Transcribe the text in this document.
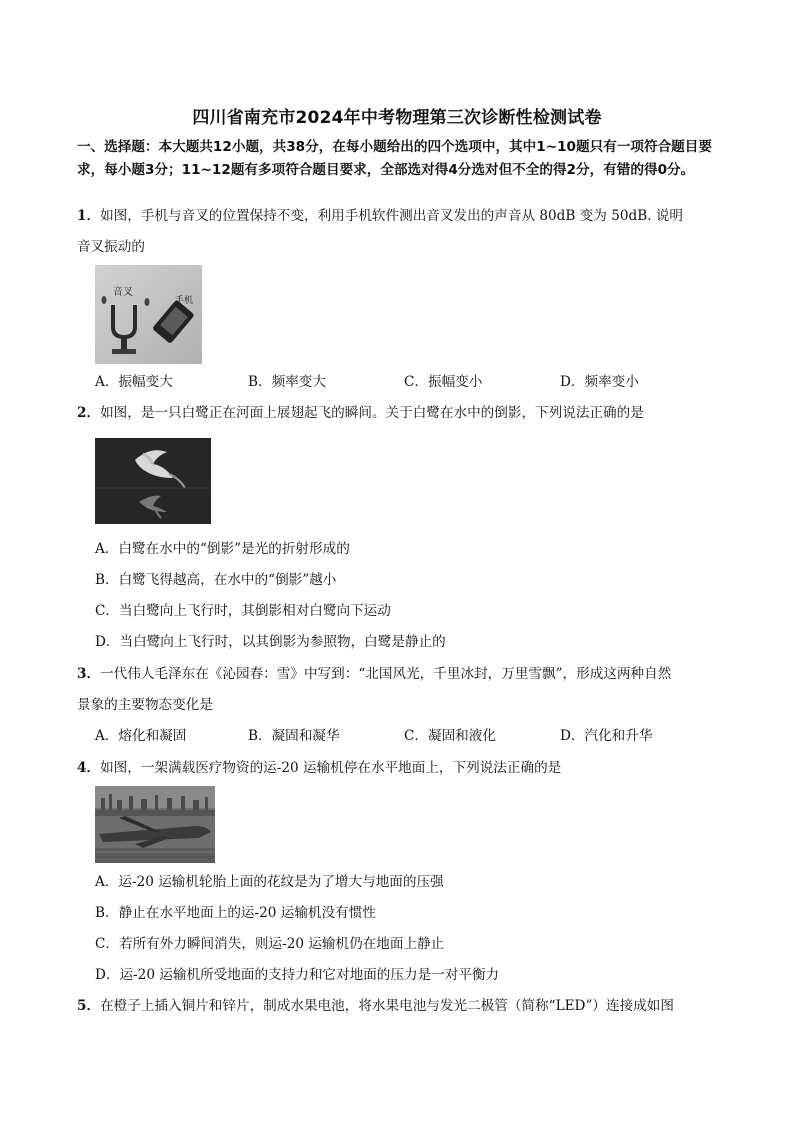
四川省南充市2024年中考物理第三次诊断性检测试卷
一、选择题：本大题共12小题，共38分，在每小题给出的四个选项中，其中1~10题只有一项符合题目要求，每小题3分；11~12题有多项符合题目要求，全部选对得4分选对但不全的得2分，有错的得0分。
1．如图，手机与音叉的位置保持不变，利用手机软件测出音叉发出的声音从 80dB 变为 50dB. 说明
音叉振动的
音叉
手机
A．振幅变大	B．频率变大	C．振幅变小	D．频率变小
2．如图，是一只白鹭正在河面上展翅起飞的瞬间。关于白鹭在水中的倒影，下列说法正确的是
A．白鹭在水中的“倒影”是光的折射形成的
B．白鹭飞得越高，在水中的“倒影”越小
C．当白鹭向上飞行时，其倒影相对白鹭向下运动
D．当白鹭向上飞行时，以其倒影为参照物，白鹭是静止的
3．一代伟人毛泽东在《沁园春：雪》中写到：“北国风光，千里冰封，万里雪飘”，形成这两种自然
景象的主要物态变化是
A．熔化和凝固	B．凝固和凝华	C．凝固和液化	D．汽化和升华
4．如图，一架满载医疗物资的运-20 运输机停在水平地面上，下列说法正确的是
A．运-20 运输机轮胎上面的花纹是为了增大与地面的压强
B．静止在水平地面上的运-20 运输机没有惯性
C．若所有外力瞬间消失，则运-20 运输机仍在地面上静止
D．运-20 运输机所受地面的支持力和它对地面的压力是一对平衡力
5．在橙子上插入铜片和锌片，制成水果电池，将水果电池与发光二极管（简称“LED”）连接成如图
